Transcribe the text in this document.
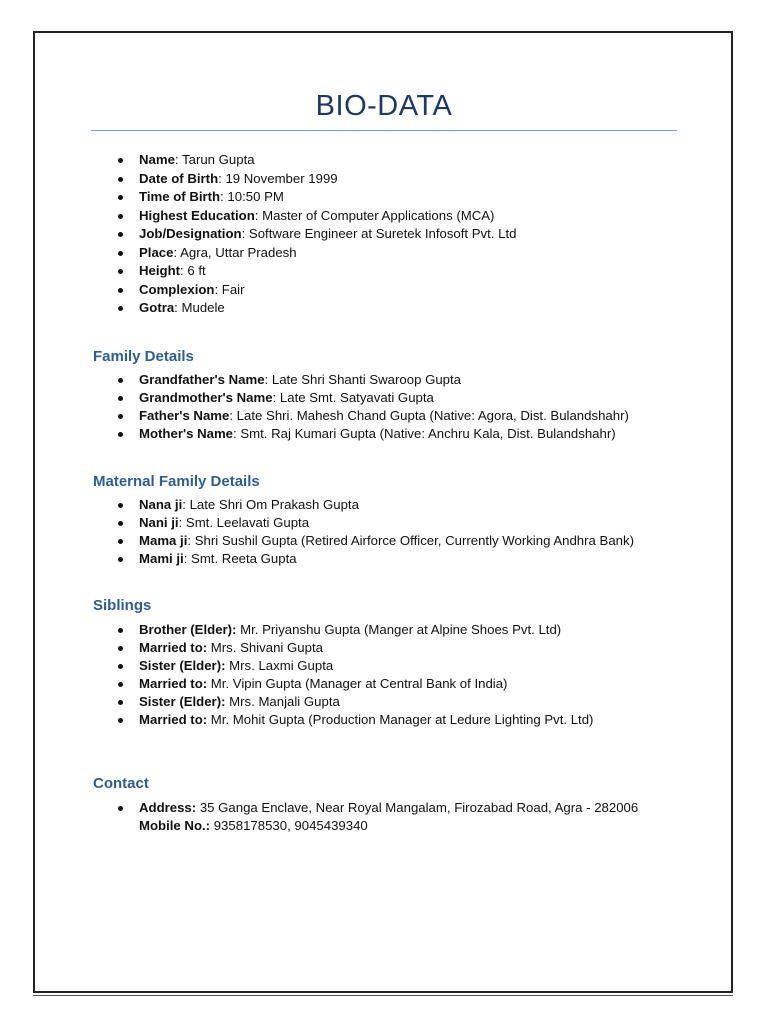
BIO-DATA
Name: Tarun Gupta
Date of Birth: 19 November 1999
Time of Birth: 10:50 PM
Highest Education: Master of Computer Applications (MCA)
Job/Designation: Software Engineer at Suretek Infosoft Pvt. Ltd
Place: Agra, Uttar Pradesh
Height: 6 ft
Complexion: Fair
Gotra: Mudele
Family Details
Grandfather's Name: Late Shri Shanti Swaroop Gupta
Grandmother's Name: Late Smt. Satyavati Gupta
Father's Name: Late Shri. Mahesh Chand Gupta (Native: Agora, Dist. Bulandshahr)
Mother's Name: Smt. Raj Kumari Gupta (Native: Anchru Kala, Dist. Bulandshahr)
Maternal Family Details
Nana ji: Late Shri Om Prakash Gupta
Nani ji: Smt. Leelavati Gupta
Mama ji: Shri Sushil Gupta (Retired Airforce Officer, Currently Working Andhra Bank)
Mami ji: Smt. Reeta Gupta
Siblings
Brother (Elder): Mr. Priyanshu Gupta (Manger at Alpine Shoes Pvt. Ltd)
Married to: Mrs. Shivani Gupta
Sister (Elder): Mrs. Laxmi Gupta
Married to: Mr. Vipin Gupta (Manager at Central Bank of India)
Sister (Elder): Mrs. Manjali Gupta
Married to: Mr. Mohit Gupta (Production Manager at Ledure Lighting Pvt. Ltd)
Contact
Address: 35 Ganga Enclave, Near Royal Mangalam, Firozabad Road, Agra - 282006
Mobile No.: 9358178530, 9045439340
